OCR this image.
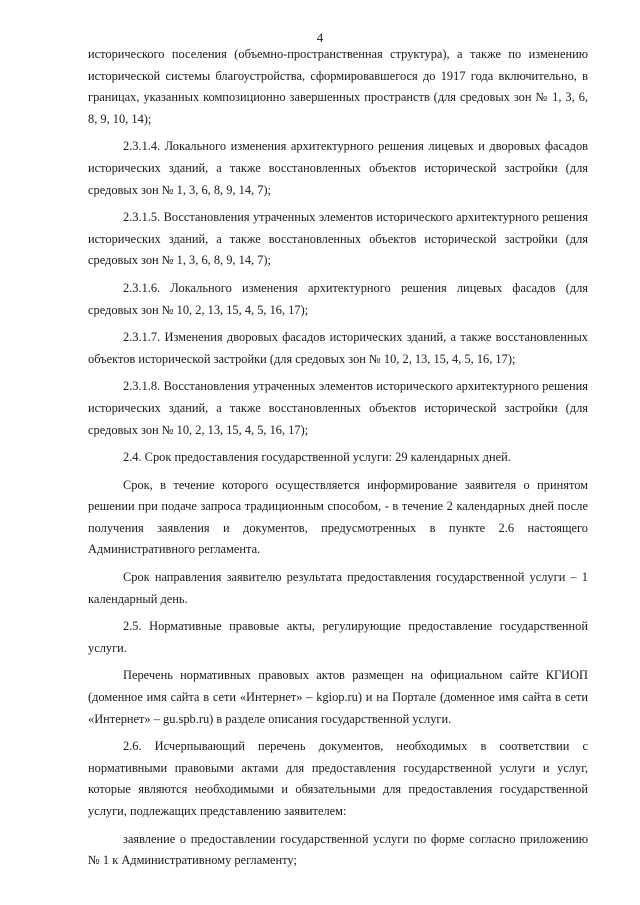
4

исторического поселения (объемно-пространственная структура), а также по изменению исторической системы благоустройства, сформировавшегося до 1917 года включительно, в границах, указанных композиционно завершенных пространств (для средовых зон № 1, 3, 6, 8, 9, 10, 14);

2.3.1.4. Локального изменения архитектурного решения лицевых и дворовых фасадов исторических зданий, а также восстановленных объектов исторической застройки (для средовых зон № 1, 3, 6, 8, 9, 14, 7);

2.3.1.5. Восстановления утраченных элементов исторического архитектурного решения исторических зданий, а также восстановленных объектов исторической застройки (для средовых зон № 1, 3, 6, 8, 9, 14, 7);

2.3.1.6. Локального изменения архитектурного решения лицевых фасадов (для средовых зон № 10, 2, 13, 15, 4, 5, 16, 17);

2.3.1.7. Изменения дворовых фасадов исторических зданий, а также восстановленных объектов исторической застройки (для средовых зон № 10, 2, 13, 15, 4, 5, 16, 17);

2.3.1.8. Восстановления утраченных элементов исторического архитектурного решения исторических зданий, а также восстановленных объектов исторической застройки (для средовых зон № 10, 2, 13, 15, 4, 5, 16, 17);

2.4. Срок предоставления государственной услуги: 29 календарных дней.

Срок, в течение которого осуществляется информирование заявителя о принятом решении при подаче запроса традиционным способом, - в течение 2 календарных дней после получения заявления и документов, предусмотренных в пункте 2.6 настоящего Административного регламента.

Срок направления заявителю результата предоставления государственной услуги – 1 календарный день.

2.5. Нормативные правовые акты, регулирующие предоставление государственной услуги.

Перечень нормативных правовых актов размещен на официальном сайте КГИОП (доменное имя сайта в сети «Интернет» – kgiop.ru) и на Портале (доменное имя сайта в сети «Интернет» – gu.spb.ru) в разделе описания государственной услуги.

2.6. Исчерпывающий перечень документов, необходимых в соответствии с нормативными правовыми актами для предоставления государственной услуги и услуг, которые являются необходимыми и обязательными для предоставления государственной услуги, подлежащих представлению заявителем:

заявление о предоставлении государственной услуги по форме согласно приложению № 1 к Административному регламенту;
